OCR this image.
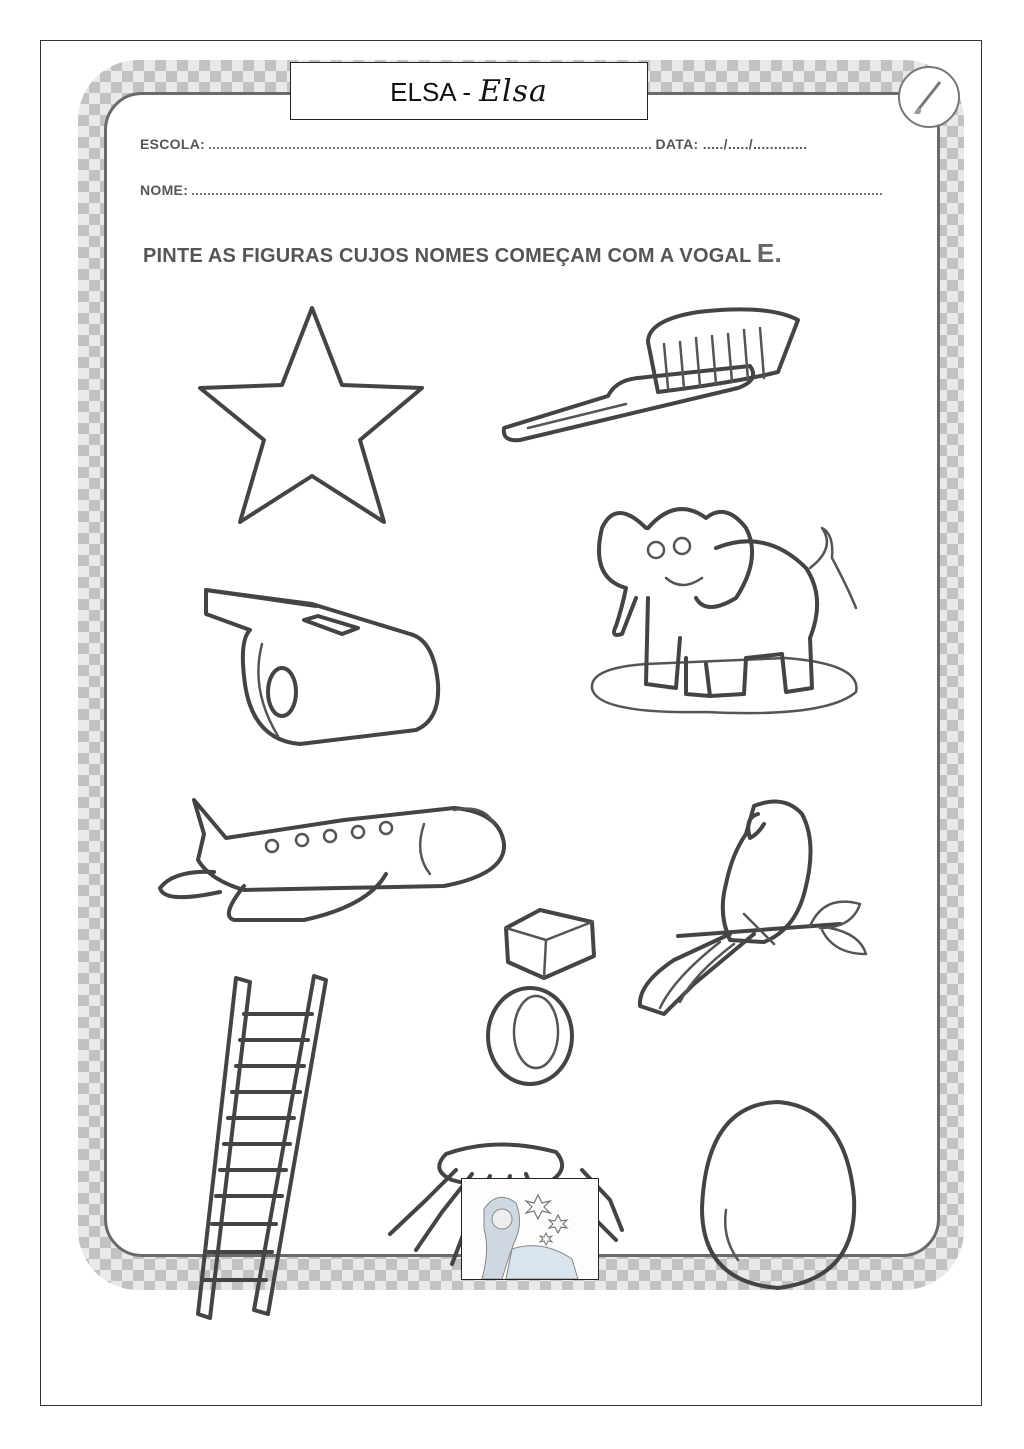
ELSA - Elsa
ESCOLA:	DATA: ...../...../.............
NOME:
PINTE AS FIGURAS CUJOS NOMES COMEÇAM COM A VOGAL E.
